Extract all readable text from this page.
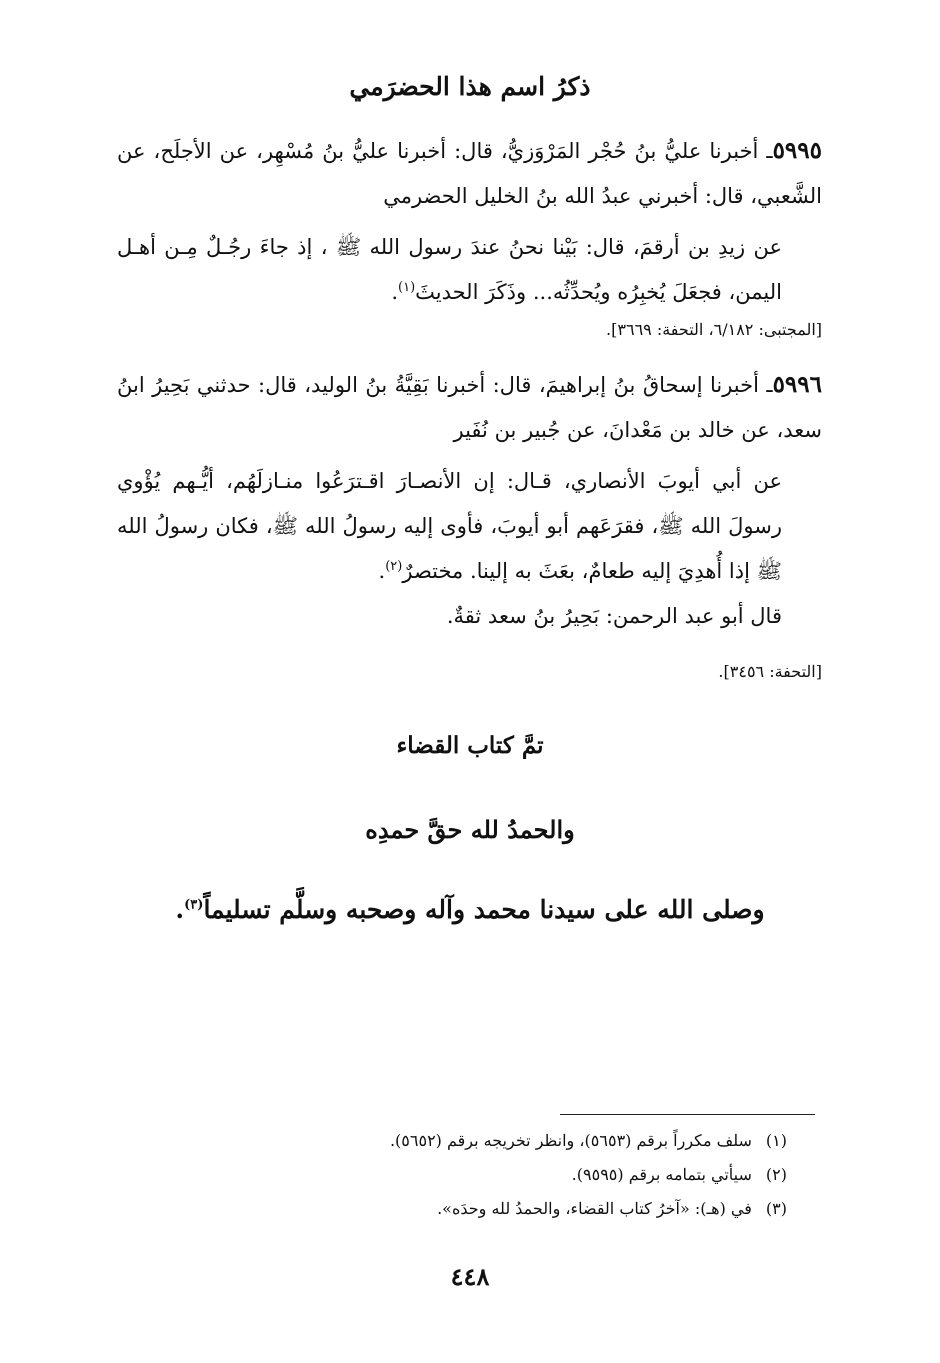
ذكرُ اسم هذا الحضرَمي

٥٩٩٥ـ أخبرنا عليُّ بنُ حُجْر المَرْوَزيُّ، قال: أخبرنا عليُّ بنُ مُسْهِر، عن الأجلَح، عن الشَّعبي، قال: أخبرني عبدُ الله بنُ الخليل الحضرمي

عن زيدِ بن أرقمَ، قال: بَيْنا نحنُ عندَ رسول الله ﷺ ، إذ جاءَ رجُـلٌ مِـن أهـل اليمن، فجعَلَ يُخبِرُه ويُحدِّثُه... وذَكَرَ الحديثَ$^{(١)}$.

[المجتبى: ٦/١٨٢، التحفة: ٣٦٦٩].

٥٩٩٦ـ أخبرنا إسحاقُ بنُ إبراهيمَ، قال: أخبرنا بَقِيَّةُ بنُ الوليد، قال: حدثني بَحِيرُ ابنُ سعد، عن خالد بن مَعْدانَ، عن جُبير بن نُفَير

عن أبي أيوبَ الأنصاري، قـال: إن الأنصـارَ اقـترَعُوا منـازلَهُم، أيُّـهم يُؤْوي رسولَ الله ﷺ، فقرَعَهم أبو أيوبَ، فأوى إليه رسولُ الله ﷺ، فكان رسولُ الله ﷺ إذا أُهدِيَ إليه طعامٌ، بعَثَ به إلينا. مختصرٌ$^{(٢)}$.

قال أبو عبد الرحمن: بَحِيرُ بنُ سعد ثقةٌ.

[التحفة: ٣٤٥٦].
تمَّ كتاب القضاء
والحمدُ لله حقَّ حمدِه
وصلى الله على سيدنا محمد وآله وصحبه وسلَّم تسليماً$^{(٣)}$.
(١)
سلف مكرراً برقم (٥٦٥٣)، وانظر تخريجه برقم (٥٦٥٢).
(٢)
سيأتي بتمامه برقم (٩٥٩٥).
(٣)
في (هـ): «آخرُ كتاب القضاء، والحمدُ لله وحدَه».
٤٤٨
